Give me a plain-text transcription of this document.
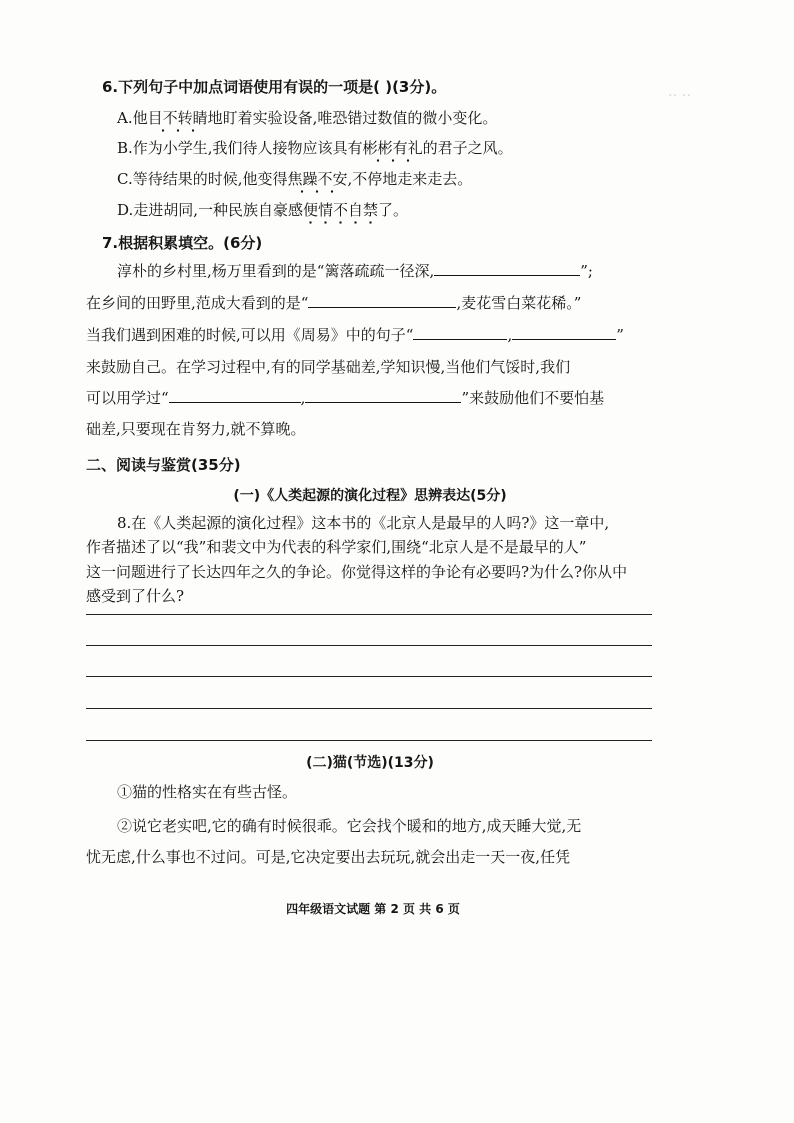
‥ ‥
6.下列句子中加点词语使用有误的一项是( )(3分)。
A.他目不转睛地盯着实验设备,唯恐错过数值的微小变化。
B.作为小学生,我们待人接物应该具有彬彬有礼的君子之风。
C.等待结果的时候,他变得焦躁不安,不停地走来走去。
D.走进胡同,一种民族自豪感便情不自禁了。
7.根据积累填空。(6分)
淳朴的乡村里,杨万里看到的是“篱落疏疏一径深,	”;
在乡间的田野里,范成大看到的是“	,麦花雪白菜花稀。”
当我们遇到困难的时候,可以用《周易》中的句子“	,	”
来鼓励自己。在学习过程中,有的同学基础差,学知识慢,当他们气馁时,我们
可以用学过“	,	”来鼓励他们不要怕基
础差,只要现在肯努力,就不算晚。
二、阅读与鉴赏(35分)
(一)《人类起源的演化过程》思辨表达(5分)
8.在《人类起源的演化过程》这本书的《北京人是最早的人吗?》这一章中,
作者描述了以“我”和裴文中为代表的科学家们,围绕“北京人是不是最早的人”
这一问题进行了长达四年之久的争论。你觉得这样的争论有必要吗?为什么?你从中
感受到了什么?
(二)猫(节选)(13分)
①猫的性格实在有些古怪。
②说它老实吧,它的确有时候很乖。它会找个暖和的地方,成天睡大觉,无
忧无虑,什么事也不过问。可是,它决定要出去玩玩,就会出走一天一夜,任凭
四年级语文试题 第 2 页 共 6 页
